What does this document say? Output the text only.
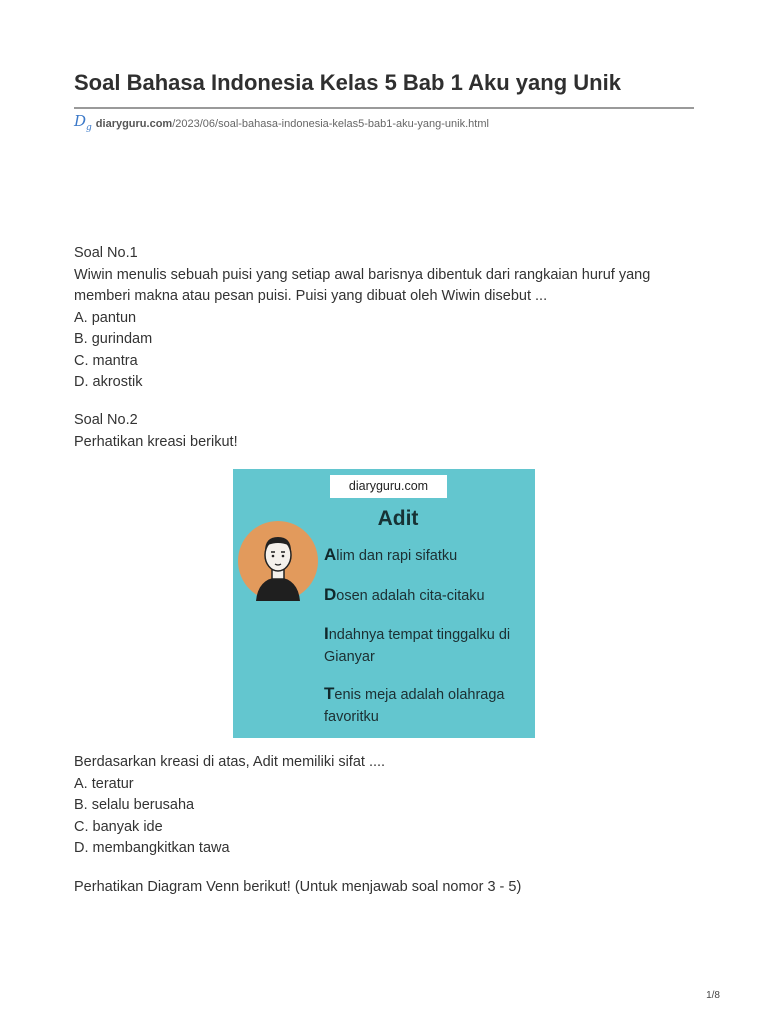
Soal Bahasa Indonesia Kelas 5 Bab 1 Aku yang Unik
$D_g$ diaryguru.com /2023/06/soal-bahasa-indonesia-kelas5-bab1-aku-yang-unik.html

Soal No.1

Wiwin menulis sebuah puisi yang setiap awal barisnya dibentuk dari rangkaian huruf yang memberi makna atau pesan puisi. Puisi yang dibuat oleh Wiwin disebut ...

A. pantun

B. gurindam

C. mantra

D. akrostik

Soal No.2

Perhatikan kreasi berikut!

diaryguru.com
Adit
Alim dan rapi sifatku
Dosen adalah cita-citaku
Indahnya tempat tinggalku di Gianyar
Tenis meja adalah olahraga favoritku

Berdasarkan kreasi di atas, Adit memiliki sifat ....

A. teratur

B. selalu berusaha

C. banyak ide

D. membangkitkan tawa

Perhatikan Diagram Venn berikut! (Untuk menjawab soal nomor 3 - 5)

1/8
